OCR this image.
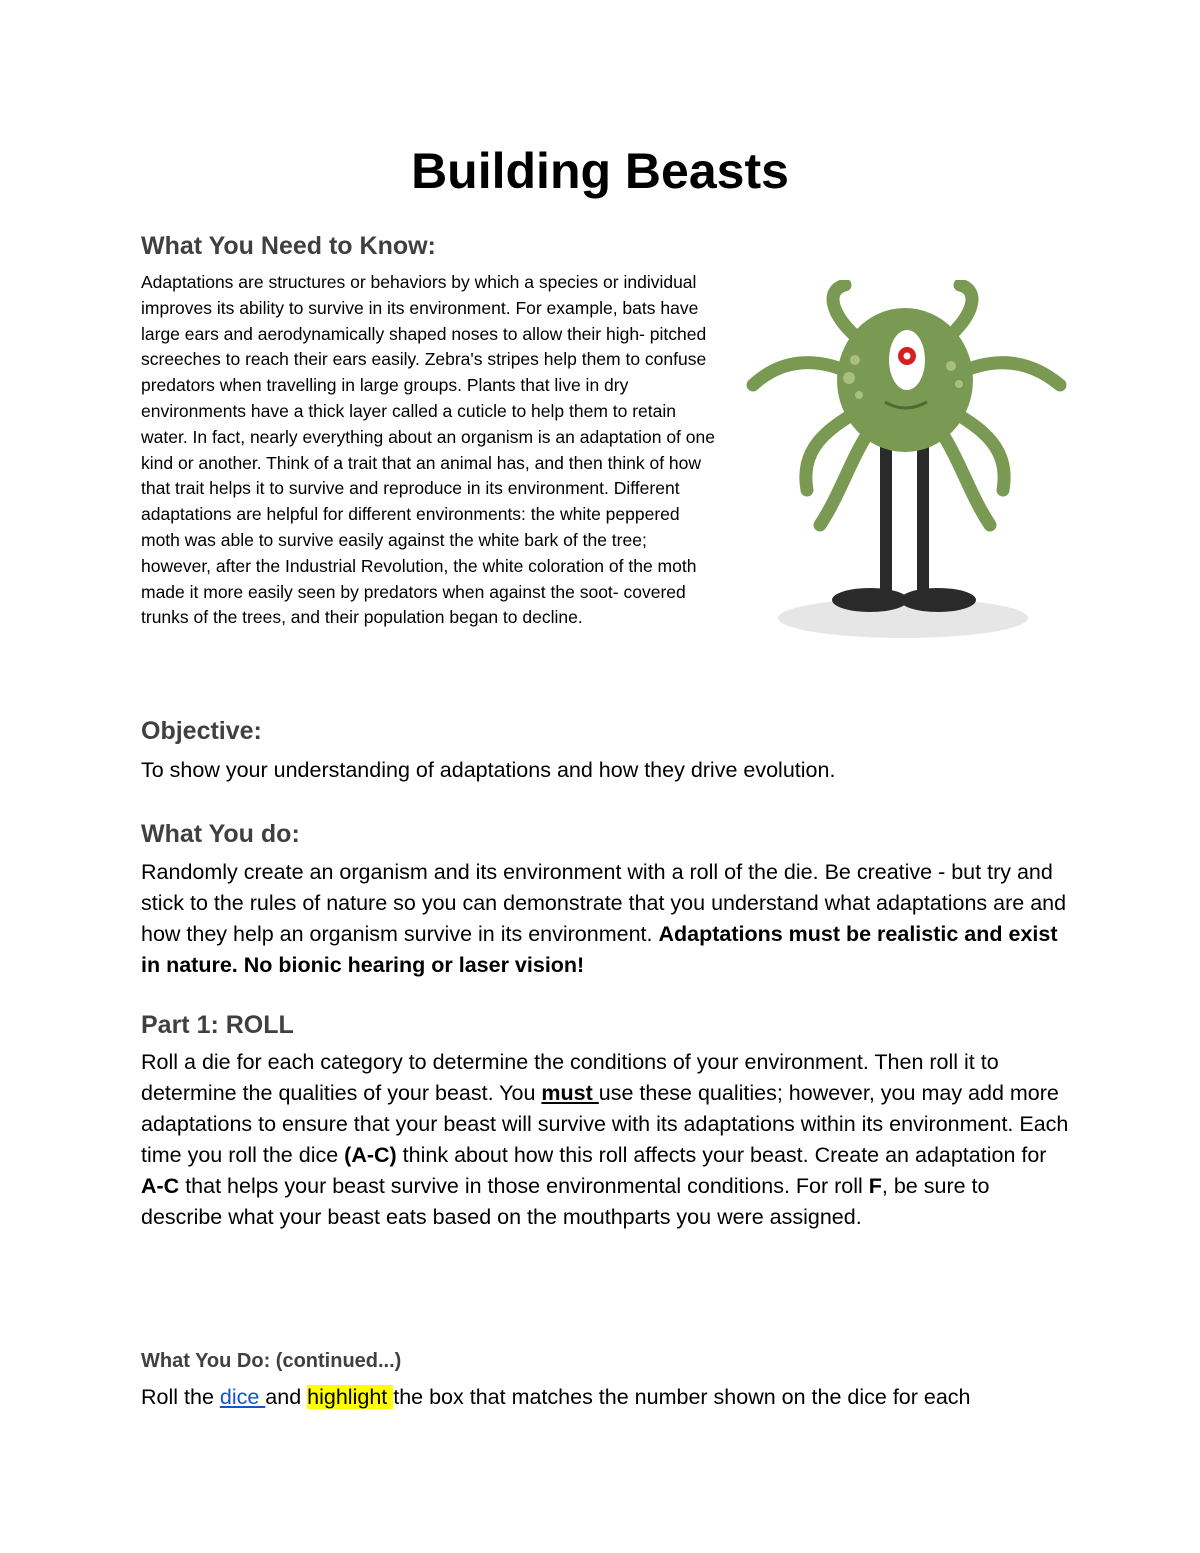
Building Beasts
What You Need to Know:

Adaptations are structures or behaviors by which a species or individual improves its ability to survive in its environment. For example, bats have large ears and aerodynamically shaped noses to allow their high- pitched screeches to reach their ears easily. Zebra's stripes help them to confuse predators when travelling in large groups. Plants that live in dry environments have a thick layer called a cuticle to help them to retain water. In fact, nearly everything about an organism is an adaptation of one kind or another. Think of a trait that an animal has, and then think of how that trait helps it to survive and reproduce in its environment. Different adaptations are helpful for different environments: the white peppered moth was able to survive easily against the white bark of the tree; however, after the Industrial Revolution, the white coloration of the moth made it more easily seen by predators when against the soot- covered trunks of the trees, and their population began to decline.

Objective:

To show your understanding of adaptations and how they drive evolution.

What You do:

Randomly create an organism and its environment with a roll of the die. Be creative - but try and stick to the rules of nature so you can demonstrate that you understand what adaptations are and how they help an organism survive in its environment. Adaptations must be realistic and exist in nature. No bionic hearing or laser vision!

Part 1: ROLL

Roll a die for each category to determine the conditions of your environment. Then roll it to determine the qualities of your beast. You must use these qualities; however, you may add more adaptations to ensure that your beast will survive with its adaptations within its environment. Each time you roll the dice (A-C) think about how this roll affects your beast. Create an adaptation for A-C that helps your beast survive in those environmental conditions. For roll F, be sure to describe what your beast eats based on the mouthparts you were assigned.

What You Do: (continued...)

Roll the dice and highlight the box that matches the number shown on the dice for each
